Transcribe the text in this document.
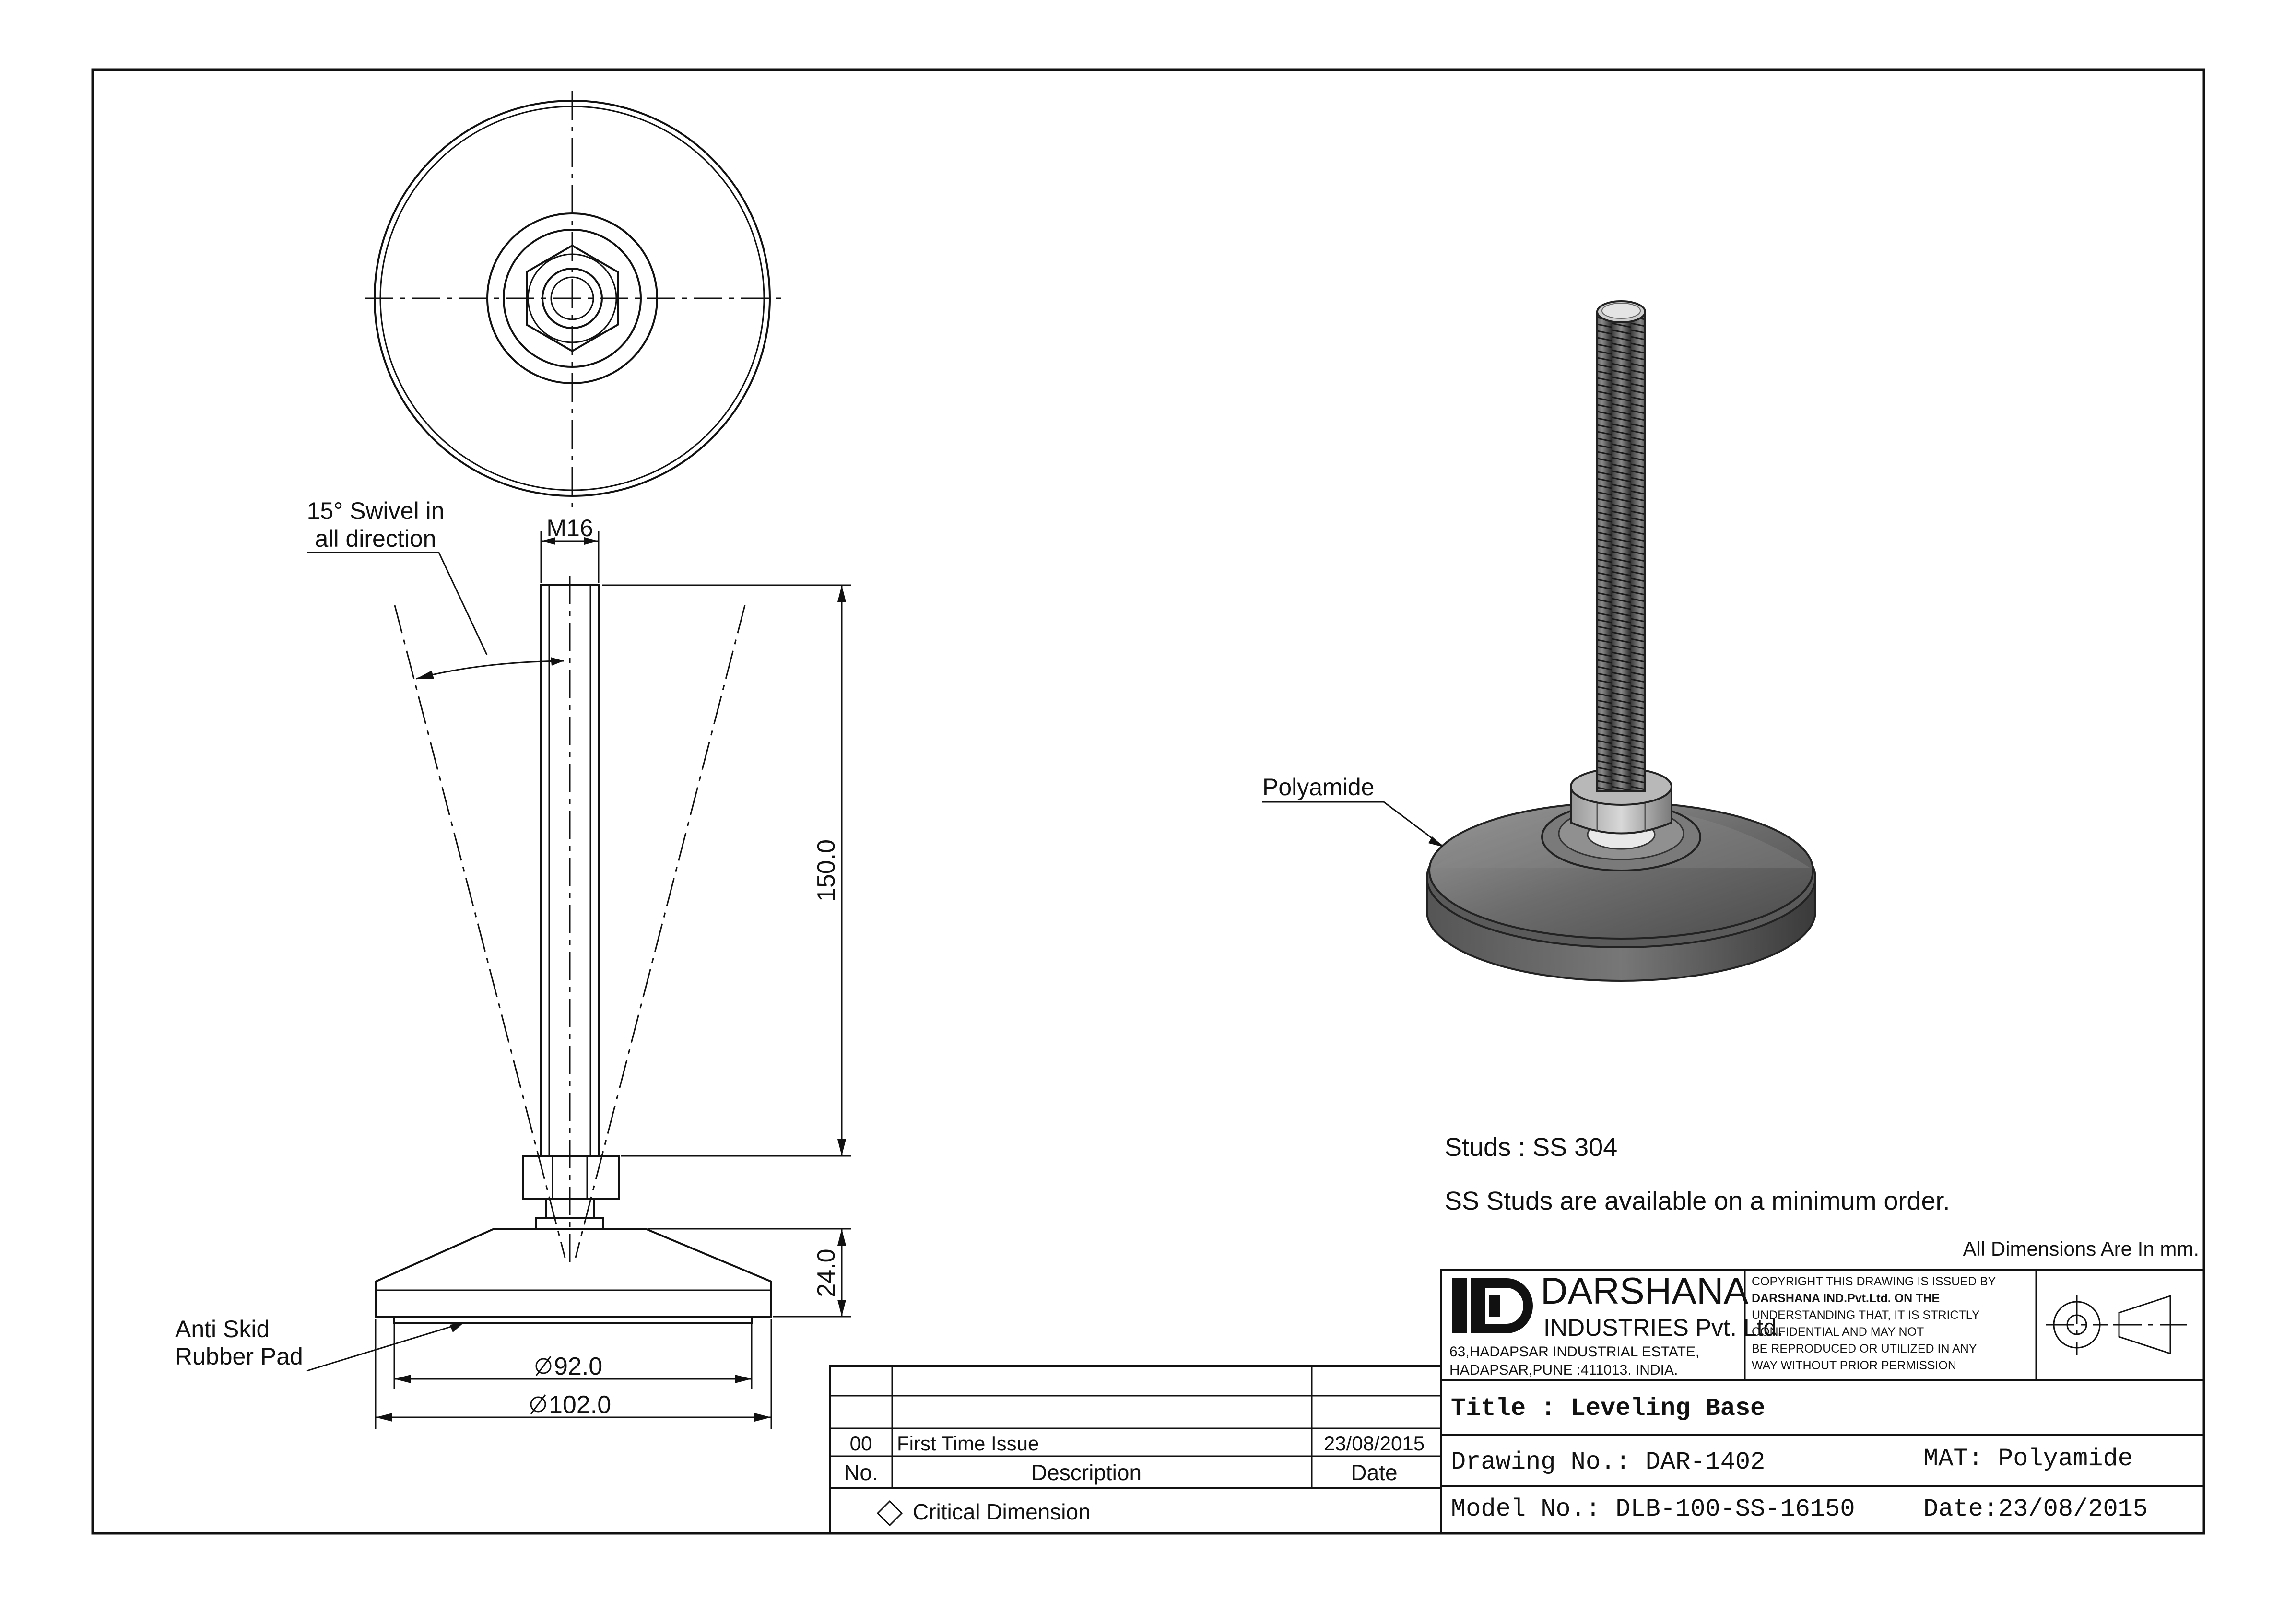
15° Swivel in
all direction	M16
150.0
24.0
Anti Skid
Rubber Pad	92.0
102.0
Polyamide
Studs : SS 304
SS Studs are available on a minimum order.
All Dimensions Are In mm.
DARSHANA
INDUSTRIES Pvt. Ltd.
63,HADAPSAR INDUSTRIAL ESTATE,
HADAPSAR,PUNE :411013. INDIA.
COPYRIGHT THIS DRAWING IS ISSUED BY
DARSHANA IND.Pvt.Ltd. ON THE
UNDERSTANDING THAT, IT IS STRICTLY
CONFIDENTIAL AND MAY NOT
BE REPRODUCED OR UTILIZED IN ANY
WAY WITHOUT PRIOR PERMISSION
Title : Leveling Base
Drawing No.: DAR-1402	MAT: Polyamide
Model No.: DLB-100-SS-16150	Date:23/08/2015
00 First Time Issue	23/08/2015
No.	Description	Date
Critical Dimension
